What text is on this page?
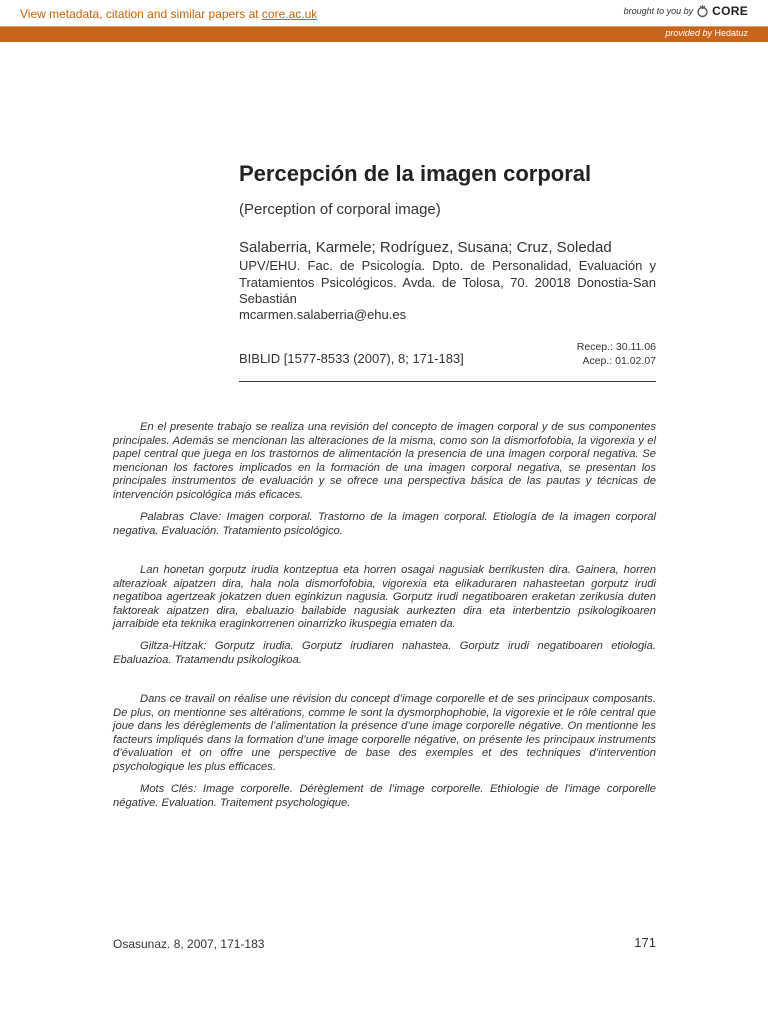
View metadata, citation and similar papers at core.ac.uk	brought to you by CORE
provided by Hedatuz
Percepción de la imagen corporal
(Perception of corporal image)
Salaberria, Karmele; Rodríguez, Susana; Cruz, Soledad
UPV/EHU. Fac. de Psicología. Dpto. de Personalidad, Evaluación y Tratamientos Psicológicos. Avda. de Tolosa, 70. 20018 Donostia-San Sebastián
mcarmen.salaberria@ehu.es
Recep.: 30.11.06
Acep.: 01.02.07
BIBLID [1577-8533 (2007), 8; 171-183]

En el presente trabajo se realiza una revisión del concepto de imagen corporal y de sus componentes principales. Además se mencionan las alteraciones de la misma, como son la dismorfofobia, la vigorexia y el papel central que juega en los trastornos de alimentación la presencia de una imagen corporal negativa. Se mencionan los factores implicados en la formación de una imagen corporal negativa, se presentan los principales instrumentos de evaluación y se ofrece una perspectiva básica de las pautas y técnicas de intervención psicológica más eficaces.

Palabras Clave: Imagen corporal. Trastorno de la imagen corporal. Etiología de la imagen corporal negativa. Evaluación. Tratamiento psicológico.

Lan honetan gorputz irudia kontzeptua eta horren osagai nagusiak berrikusten dira. Gainera, horren alterazioak aipatzen dira, hala nola dismorfofobia, vigorexia eta elikaduraren nahasteetan gorputz irudi negatiboa agertzeak jokatzen duen eginkizun nagusia. Gorputz irudi negatiboaren eraketan zerikusia duten faktoreak aipatzen dira, ebaluazio bailabide nagusiak aurkezten dira eta interbentzio psikologikoaren jarraibide eta teknika eraginkorrenen oinarrizko ikuspegia ematen da.

Giltza-Hitzak: Gorputz irudia. Gorputz irudiaren nahastea. Gorputz irudi negatiboaren etiologia. Ebaluazioa. Tratamendu psikologikoa.

Dans ce travail on réalise une révision du concept d’image corporelle et de ses principaux composants. De plus, on mentionne ses altérations, comme le sont la dysmorphophobie, la vigorexie et le rôle central que joue dans les dérèglements de l’alimentation la présence d’une image corporelle négative. On mentionne les facteurs impliqués dans la formation d’une image corporelle négative, on présente les principaux instruments d’évaluation et on offre une perspective de base des exemples et des techniques d’intervention psychologique les plus efficaces.

Mots Clés: Image corporelle. Dérèglement de l’image corporelle. Ethiologie de l’image corporelle négative. Evaluation. Traitement psychologique.

Osasunaz. 8, 2007, 171-183	171
